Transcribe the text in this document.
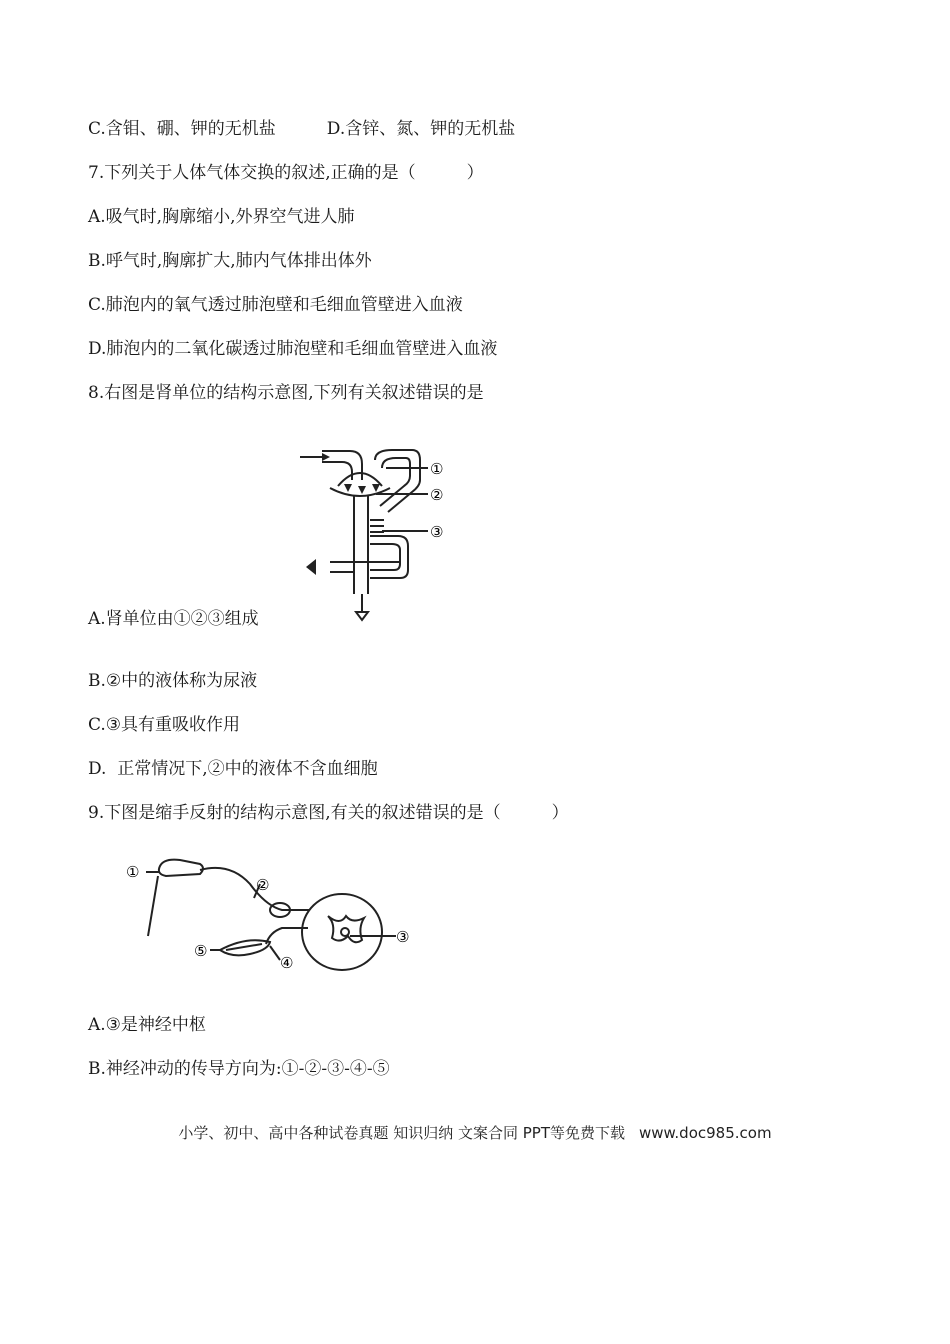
C.含钼、硼、钾的无机盐　　　D.含锌、氮、钾的无机盐
7.下列关于人体气体交换的叙述,正确的是（　　　）
A.吸气时,胸廓缩小,外界空气进人肺
B.呼气时,胸廓扩大,肺内气体排出体外
C.肺泡内的氧气透过肺泡壁和毛细血管壁进入血液
D.肺泡内的二氧化碳透过肺泡壁和毛细血管壁进入血液
8.右图是肾单位的结构示意图,下列有关叙述错误的是
①
②
③
A.肾单位由①②③组成
B.②中的液体称为尿液
C.③具有重吸收作用
D.  正常情况下,②中的液体不含血细胞
9.下图是缩手反射的结构示意图,有关的叙述错误的是（　　　）
①
②
③
④
⑤
A.③是神经中枢
B.神经冲动的传导方向为:①-②-③-④-⑤
小学、初中、高中各种试卷真题 知识归纳 文案合同 PPT等免费下载 www.doc985.com
